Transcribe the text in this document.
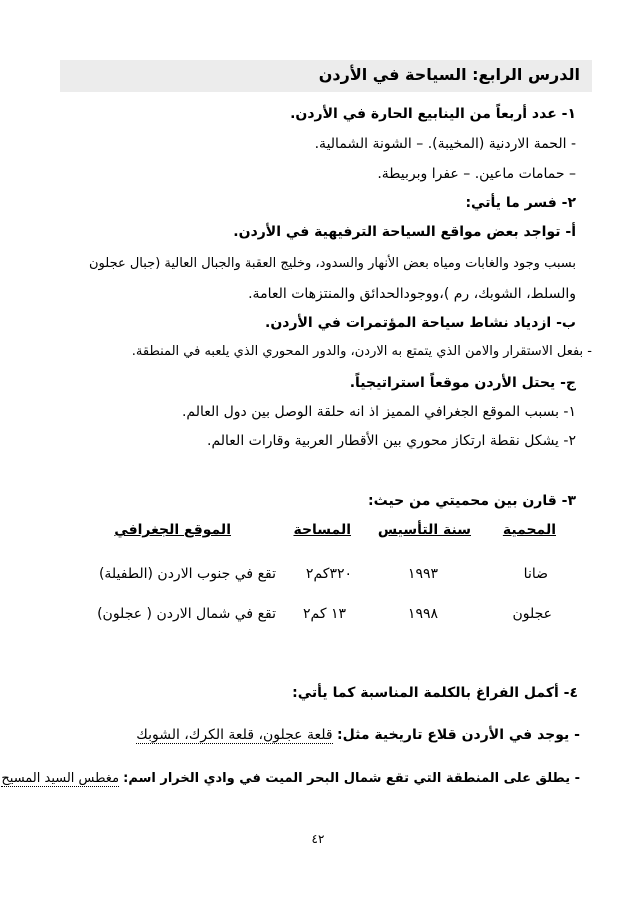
الدرس الرابع: السياحة في الأردن
١- عدد أربعاً من الينابيع الحارة في الأردن.
- الحمة الاردنية (المخيبة). – الشونة الشمالية.
– حمامات ماعين. – عفرا وبربيطة.
٢- فسر ما يأتي:
أ- تواجد بعض مواقع السياحة الترفيهية في الأردن.
بسبب وجود والغابات ومياه بعض الأنهار والسدود، وخليج العقبة والجبال العالية (جبال عجلون
والسلط، الشوبك، رم )،ووجودالحدائق والمنتزهات العامة.
ب- ازدياد نشاط سياحة المؤتمرات في الأردن.
- بفعل الاستقرار والامن الذي يتمتع به الاردن، والدور المحوري الذي يلعبه في المنطقة.
ج- يحتل الأردن موقعاً استراتيجياً.
١- بسبب الموقع الجغرافي المميز اذ انه حلقة الوصل بين دول العالم.
٢- يشكل نقطة ارتكاز محوري بين الأقطار العربية وقارات العالم.
٣- قارن بين محميتي من حيث:
المحمية
سنة التأسيس
المساحة
الموقع الجغرافي
ضانا
١٩٩٣
٣٢٠كم٢
تقع في جنوب الاردن (الطفيلة)
عجلون
١٩٩٨
١٣ كم٢
تقع في شمال الاردن ( عجلون)
٤- أكمل الفراغ بالكلمة المناسبة كما يأتي:
- يوجد في الأردن قلاع تاريخية مثل: قلعة عجلون، قلعة الكرك، الشوبك
- يطلق على المنطقة التي تقع شمال البحر الميت في وادي الخرار اسم: مغطس السيد المسيح
٤٢
